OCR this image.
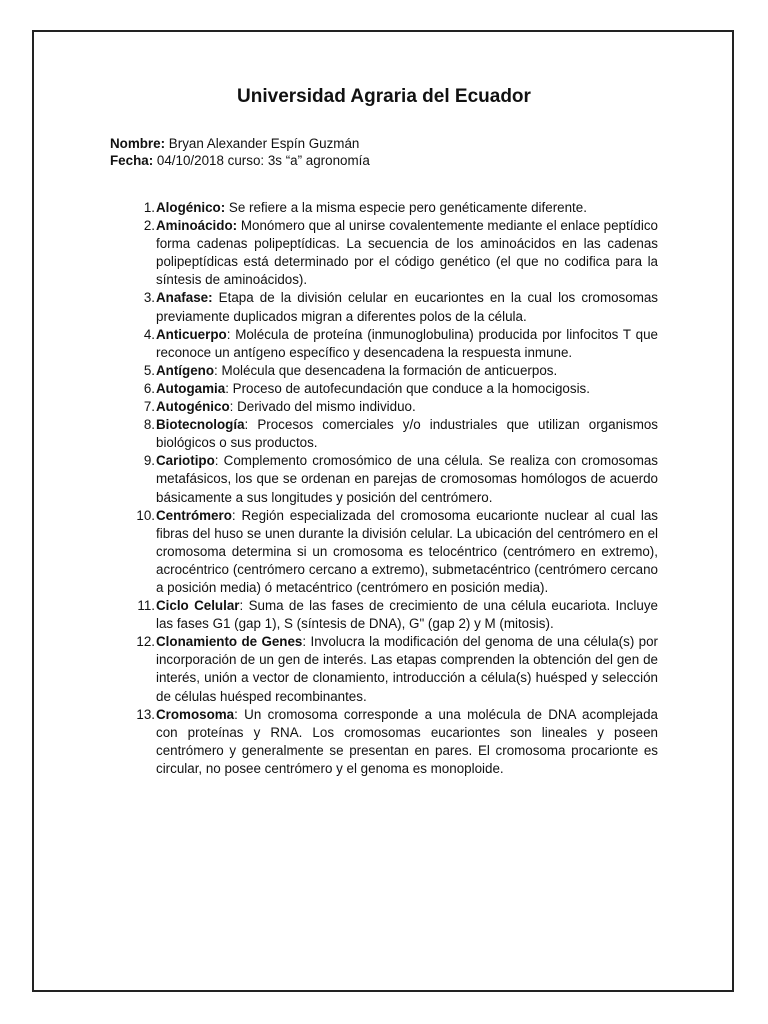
Universidad Agraria del Ecuador

Nombre: Bryan Alexander Espín Guzmán

Fecha: 04/10/2018 curso: 3s “a” agronomía

1. Alogénico: Se refiere a la misma especie pero genéticamente diferente.
2. Aminoácido: Monómero que al unirse covalentemente mediante el enlace peptídico forma cadenas polipeptídicas. La secuencia de los aminoácidos en las cadenas polipeptídicas está determinado por el código genético (el que no codifica para la síntesis de aminoácidos).
3. Anafase: Etapa de la división celular en eucariontes en la cual los cromosomas previamente duplicados migran a diferentes polos de la célula.
4. Anticuerpo: Molécula de proteína (inmunoglobulina) producida por linfocitos T que reconoce un antígeno específico y desencadena la respuesta inmune.
5. Antígeno: Molécula que desencadena la formación de anticuerpos.
6. Autogamia: Proceso de autofecundación que conduce a la homocigosis.
7. Autogénico: Derivado del mismo individuo.
8. Biotecnología: Procesos comerciales y/o industriales que utilizan organismos biológicos o sus productos.
9. Cariotipo: Complemento cromosómico de una célula. Se realiza con cromosomas metafásicos, los que se ordenan en parejas de cromosomas homólogos de acuerdo básicamente a sus longitudes y posición del centrómero.
10. Centrómero: Región especializada del cromosoma eucarionte nuclear al cual las fibras del huso se unen durante la división celular. La ubicación del centrómero en el cromosoma determina si un cromosoma es telocéntrico (centrómero en extremo), acrocéntrico (centrómero cercano a extremo), submetacéntrico (centrómero cercano a posición media) ó metacéntrico (centrómero en posición media).
11. Ciclo Celular: Suma de las fases de crecimiento de una célula eucariota. Incluye las fases G1 (gap 1), S (síntesis de DNA), G" (gap 2) y M (mitosis).
12. Clonamiento de Genes: Involucra la modificación del genoma de una célula(s) por incorporación de un gen de interés. Las etapas comprenden la obtención del gen de interés, unión a vector de clonamiento, introducción a célula(s) huésped y selección de células huésped recombinantes.
13. Cromosoma: Un cromosoma corresponde a una molécula de DNA acomplejada con proteínas y RNA. Los cromosomas eucariontes son lineales y poseen centrómero y generalmente se presentan en pares. El cromosoma procarionte es circular, no posee centrómero y el genoma es monoploide.
